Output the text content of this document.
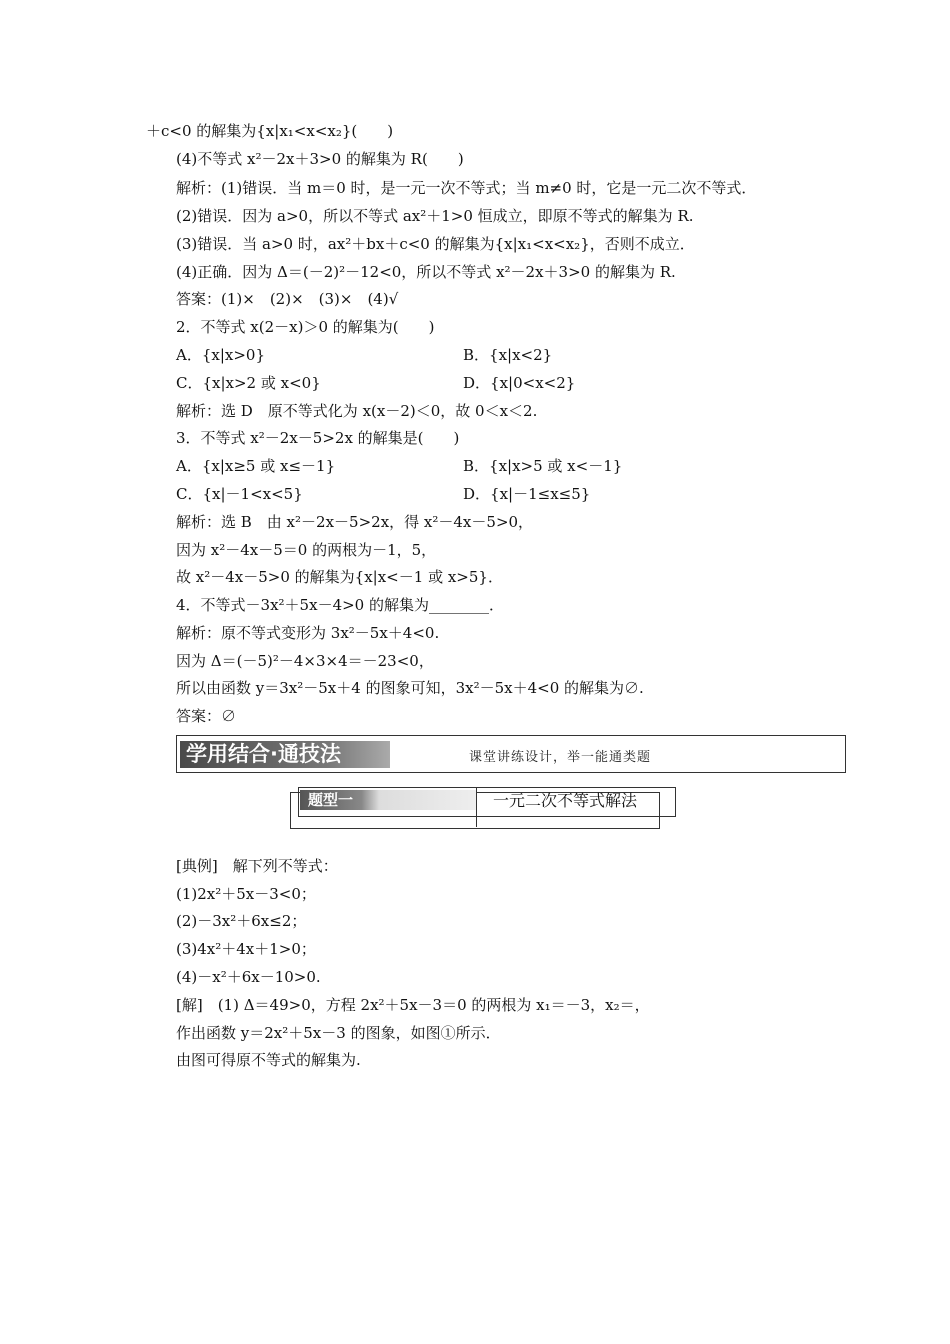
＋c<0 的解集为{x|x₁<x<x₂}(　　)
(4)不等式 x²－2x＋3>0 的解集为 R(　　)
解析：(1)错误．当 m＝0 时，是一元一次不等式；当 m≠0 时，它是一元二次不等式．
(2)错误．因为 a>0，所以不等式 ax²＋1>0 恒成立，即原不等式的解集为 R.
(3)错误．当 a>0 时，ax²＋bx＋c<0 的解集为{x|x₁<x<x₂}，否则不成立．
(4)正确．因为 Δ＝(－2)²－12<0，所以不等式 x²－2x＋3>0 的解集为 R.
答案：(1)×　(2)×　(3)×　(4)√
2．不等式 x(2－x)＞0 的解集为(　　)
A．{x|x>0}	B．{x|x<2}
C．{x|x>2 或 x<0}	D．{x|0<x<2}
解析：选 D　原不等式化为 x(x－2)＜0，故 0＜x＜2.
3．不等式 x²－2x－5>2x 的解集是(　　)
A．{x|x≥5 或 x≤－1}	B．{x|x>5 或 x<－1}
C．{x|－1<x<5}	D．{x|－1≤x≤5}
解析：选 B　由 x²－2x－5>2x，得 x²－4x－5>0，
因为 x²－4x－5＝0 的两根为－1，5，
故 x²－4x－5>0 的解集为{x|x<－1 或 x>5}．
4．不等式－3x²＋5x－4>0 的解集为________．
解析：原不等式变形为 3x²－5x＋4<0.
因为 Δ＝(－5)²－4×3×4＝－23<0，
所以由函数 y＝3x²－5x＋4 的图象可知，3x²－5x＋4<0 的解集为∅.
答案：∅
学用结合·通技法	课堂讲练设计，举一能通类题
题型一	一元二次不等式解法
[典例]　解下列不等式：
(1)2x²＋5x－3<0；
(2)－3x²＋6x≤2；
(3)4x²＋4x＋1>0；
(4)－x²＋6x－10>0.
[解]　(1) Δ＝49>0，方程 2x²＋5x－3＝0 的两根为 x₁＝－3，x₂＝，
作出函数 y＝2x²＋5x－3 的图象，如图①所示．
由图可得原不等式的解集为.
